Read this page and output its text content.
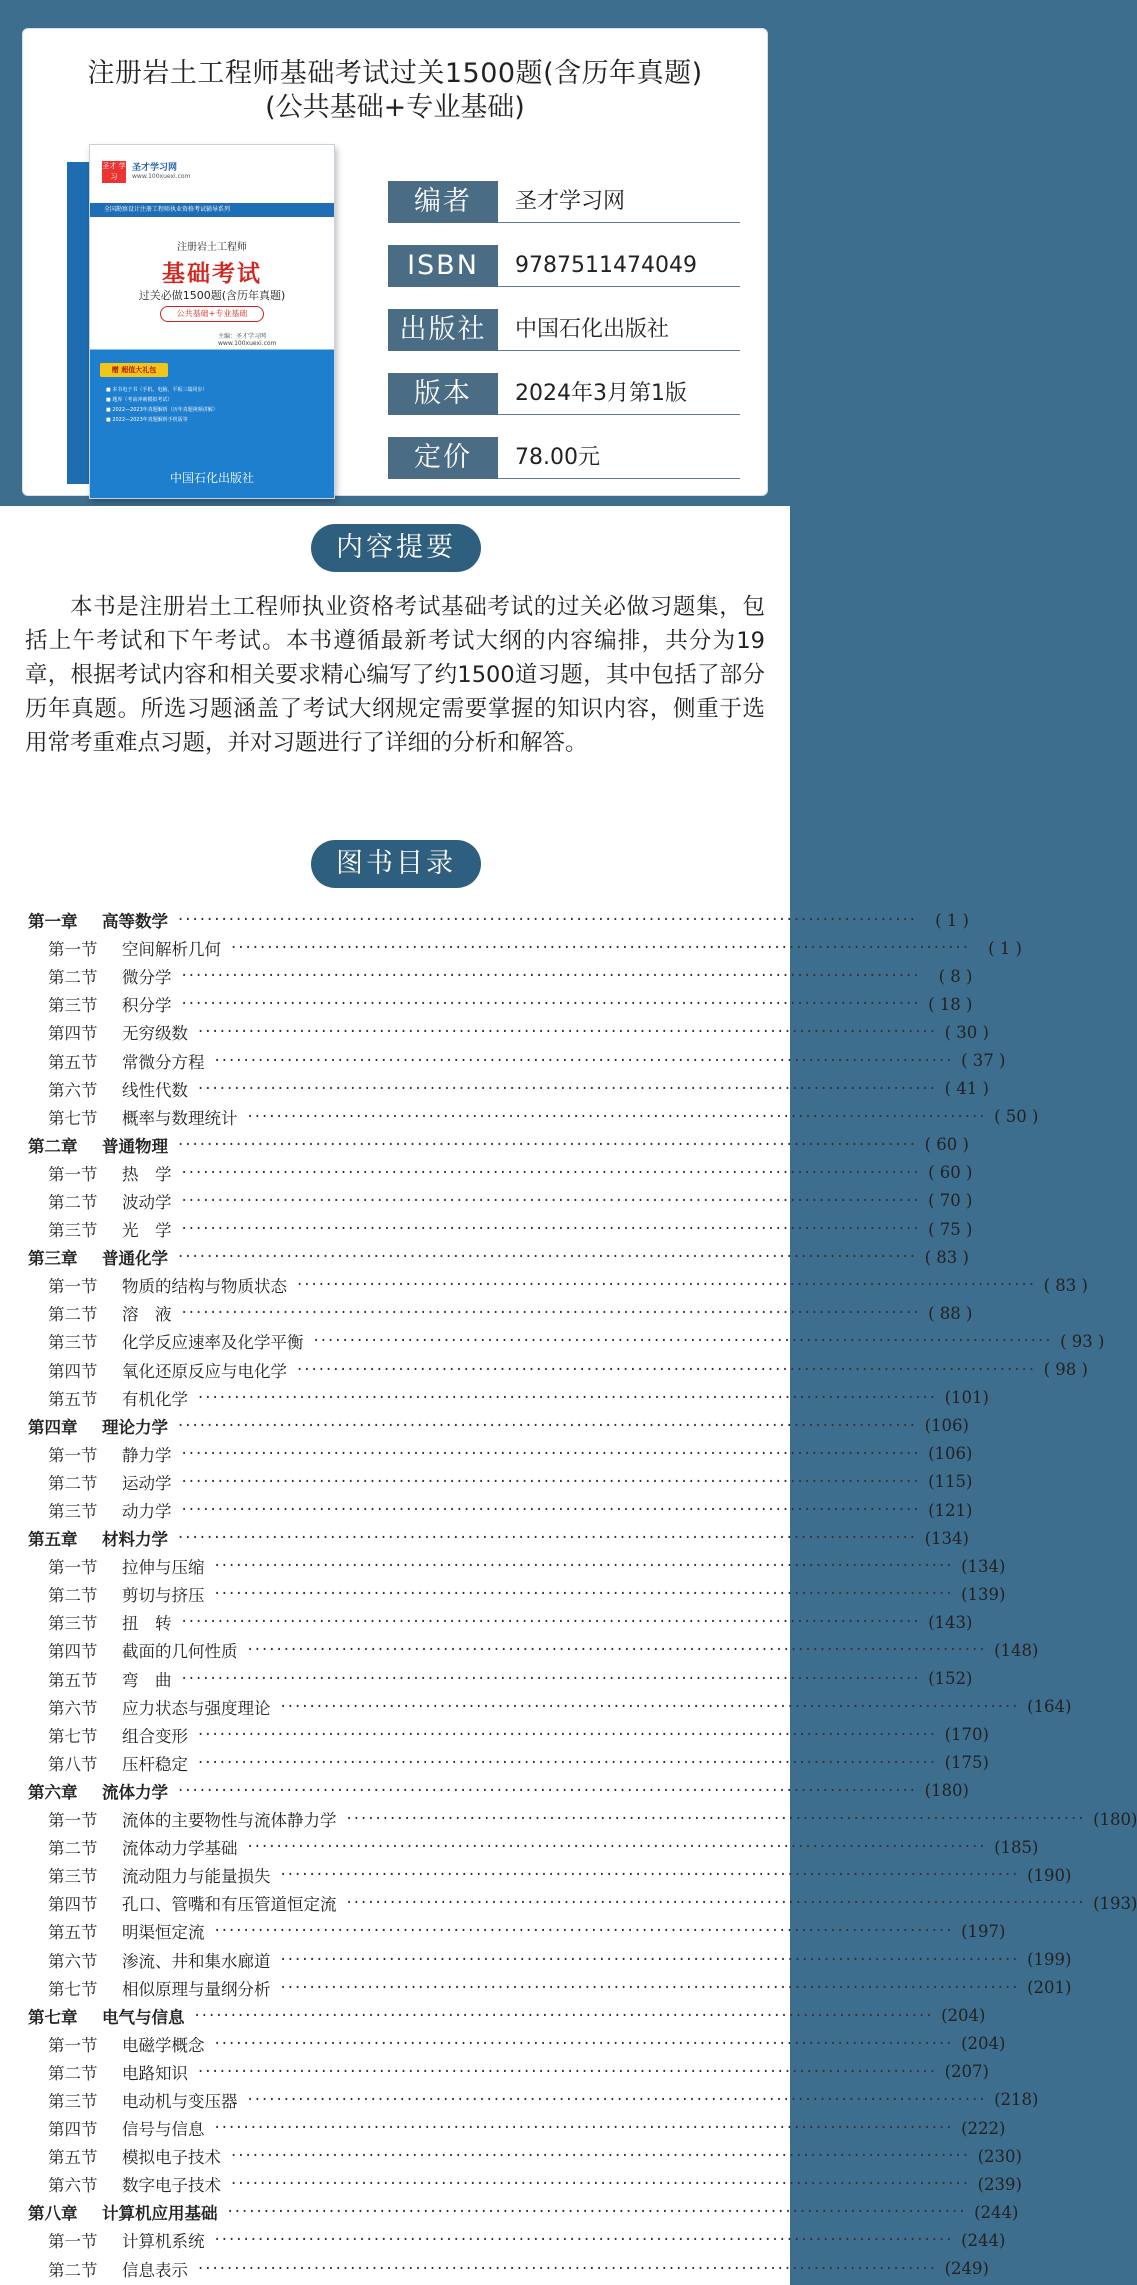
注册岩土工程师基础考试过关1500题(含历年真题)
(公共基础+专业基础)
圣才 学习
圣才学习网
www.100xuexi.com
全国勘察设计注册工程师执业资格考试辅导系列
注册岩土工程师
基础考试
过关必做1500题(含历年真题)
公共基础+专业基础
主编：圣才学习网
www.100xuexi.com
赠 超值大礼包
■ 本书电子书（手机、电脑、平板三端同步）
■ 题库（考前冲刺模拟考试）
■ 2022—2023年真题解析（历年真题视频讲解）
■ 2022—2023年真题解析手机版等
中国石化出版社
编者	圣才学习网
ISBN	9787511474049
出版社	中国石化出版社
版本	2024年3月第1版
定价	78.00元
内容提要
本书是注册岩土工程师执业资格考试基础考试的过关必做习题集，包括上午考试和下午考试。本书遵循最新考试大纲的内容编排，共分为19章，根据考试内容和相关要求精心编写了约1500道习题，其中包括了部分历年真题。所选习题涵盖了考试大纲规定需要掌握的知识内容，侧重于选用常考重难点习题，并对习题进行了详细的分析和解答。
图书目录
第一章	高等数学 ······································································································	( 1 )
第一节	空间解析几何 ······································································································	( 1 )
第二节	微分学 ······································································································	( 8 )
第三节	积分学 ······································································································ ( 18 )
第四节	无穷级数 ······································································································ ( 30 )
第五节	常微分方程 ······································································································ ( 37 )
第六节	线性代数 ······································································································ ( 41 )
第七节	概率与数理统计 ······································································································ ( 50 )
第二章	普通物理 ······································································································ ( 60 )
第一节	热　学 ······································································································ ( 60 )
第二节	波动学 ······································································································ ( 70 )
第三节	光　学 ······································································································ ( 75 )
第三章	普通化学 ······································································································ ( 83 )
第一节	物质的结构与物质状态 ······································································································ ( 83 )
第二节	溶　液 ······································································································ ( 88 )
第三节	化学反应速率及化学平衡 ······································································································ ( 93 )
第四节	氧化还原反应与电化学 ······································································································ ( 98 )
第五节	有机化学 ······································································································ (101)
第四章	理论力学 ······································································································ (106)
第一节	静力学 ······································································································ (106)
第二节	运动学 ······································································································ (115)
第三节	动力学 ······································································································ (121)
第五章	材料力学 ······································································································ (134)
第一节	拉伸与压缩 ······································································································ (134)
第二节	剪切与挤压 ······································································································ (139)
第三节	扭　转 ······································································································ (143)
第四节	截面的几何性质 ······································································································ (148)
第五节	弯　曲 ······································································································ (152)
第六节	应力状态与强度理论 ······································································································ (164)
第七节	组合变形 ······································································································ (170)
第八节	压杆稳定 ······································································································ (175)
第六章	流体力学 ······································································································ (180)
第一节	流体的主要物性与流体静力学 ······································································································ (180)
第二节	流体动力学基础 ······································································································ (185)
第三节	流动阻力与能量损失 ······································································································ (190)
第四节	孔口、管嘴和有压管道恒定流 ······································································································ (193)
第五节	明渠恒定流 ······································································································ (197)
第六节	渗流、井和集水廊道 ······································································································ (199)
第七节	相似原理与量纲分析 ······································································································ (201)
第七章	电气与信息 ······································································································ (204)
第一节	电磁学概念 ······································································································ (204)
第二节	电路知识 ······································································································ (207)
第三节	电动机与变压器 ······································································································ (218)
第四节	信号与信息 ······································································································ (222)
第五节	模拟电子技术 ······································································································ (230)
第六节	数字电子技术 ······································································································ (239)
第八章	计算机应用基础 ······································································································ (244)
第一节	计算机系统 ······································································································ (244)
第二节	信息表示 ······································································································ (249)
